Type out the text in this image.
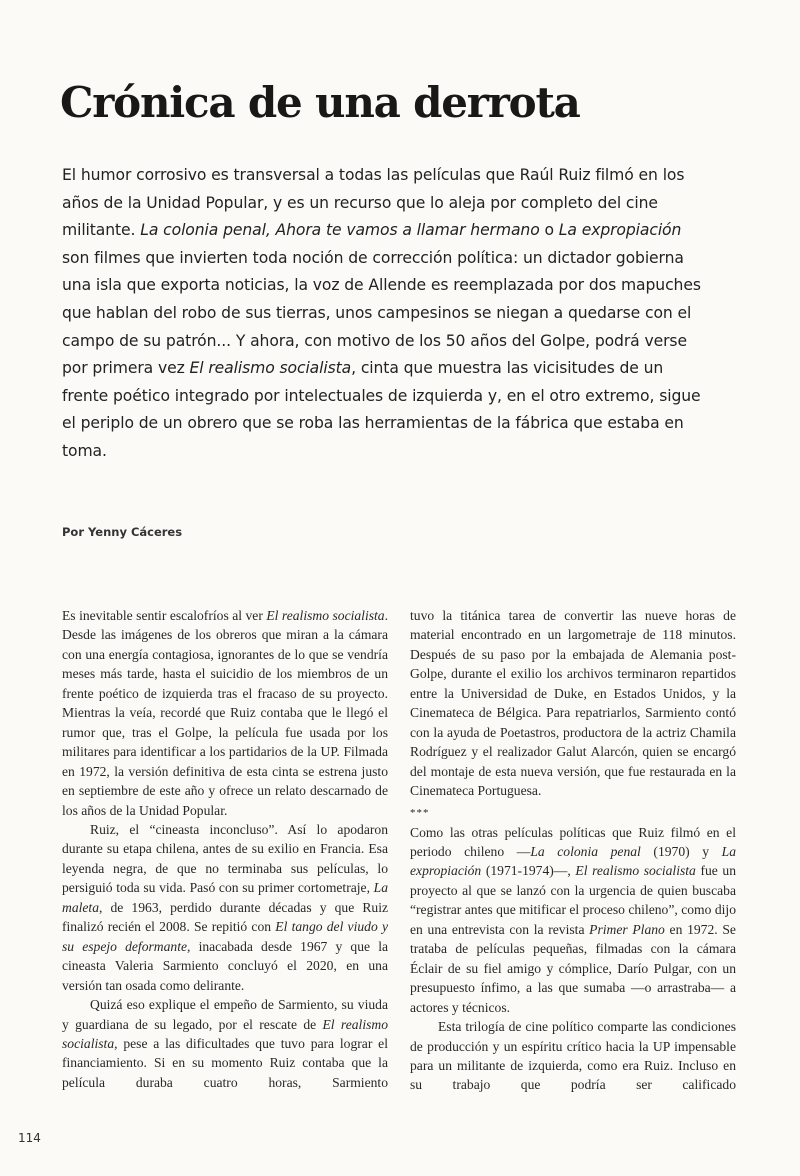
Crónica de una derrota

El humor corrosivo es transversal a todas las películas que Raúl Ruiz filmó en los años de la Unidad Popular, y es un recurso que lo aleja por completo del cine militante. La colonia penal, Ahora te vamos a llamar hermano o La expropiación son filmes que invierten toda noción de corrección política: un dictador gobierna una isla que exporta noticias, la voz de Allende es reemplazada por dos mapuches que hablan del robo de sus tierras, unos campesinos se niegan a quedarse con el campo de su patrón... Y ahora, con motivo de los 50 años del Golpe, podrá verse por primera vez El realismo socialista, cinta que muestra las vicisitudes de un frente poético integrado por intelectuales de izquierda y, en el otro extremo, sigue el periplo de un obrero que se roba las herramientas de la fábrica que estaba en toma.

Por Yenny Cáceres

Es inevitable sentir escalofríos al ver El realismo socialista. Desde las imágenes de los obreros que miran a la cámara con una energía contagiosa, ignorantes de lo que se vendría meses más tarde, hasta el suicidio de los miembros de un frente poético de izquierda tras el fracaso de su proyecto. Mientras la veía, recordé que Ruiz contaba que le llegó el rumor que, tras el Golpe, la película fue usada por los militares para identificar a los partidarios de la UP. Filmada en 1972, la versión definitiva de esta cinta se estrena justo en septiembre de este año y ofrece un relato descarnado de los años de la Unidad Popular.

Ruiz, el “cineasta inconcluso”. Así lo apodaron durante su etapa chilena, antes de su exilio en Francia. Esa leyenda negra, de que no terminaba sus películas, lo persiguió toda su vida. Pasó con su primer cortometraje, La maleta, de 1963, perdido durante décadas y que Ruiz finalizó recién el 2008. Se repitió con El tango del viudo y su espejo deformante, inacabada desde 1967 y que la cineasta Valeria Sarmiento concluyó el 2020, en una versión tan osada como delirante.

Quizá eso explique el empeño de Sarmiento, su viuda y guardiana de su legado, por el rescate de El realismo socialista, pese a las dificultades que tuvo para lograr el financiamiento. Si en su momento Ruiz contaba que la película duraba cuatro horas, Sarmiento

tuvo la titánica tarea de convertir las nueve horas de material encontrado en un largometraje de 118 minutos. Después de su paso por la embajada de Alemania post-Golpe, durante el exilio los archivos terminaron repartidos entre la Universidad de Duke, en Estados Unidos, y la Cinemateca de Bélgica. Para repatriarlos, Sarmiento contó con la ayuda de Poetastros, productora de la actriz Chamila Rodríguez y el realizador Galut Alarcón, quien se encargó del montaje de esta nueva versión, que fue restaurada en la Cinemateca Portuguesa.

***

Como las otras películas políticas que Ruiz filmó en el periodo chileno —La colonia penal (1970) y La expropiación (1971-1974)—, El realismo socialista fue un proyecto al que se lanzó con la urgencia de quien buscaba “registrar antes que mitificar el proceso chileno”, como dijo en una entrevista con la revista Primer Plano en 1972. Se trataba de películas pequeñas, filmadas con la cámara Éclair de su fiel amigo y cómplice, Darío Pulgar, con un presupuesto ínfimo, a las que sumaba —o arrastraba— a actores y técnicos.

Esta trilogía de cine político comparte las condiciones de producción y un espíritu crítico hacia la UP impensable para un militante de izquierda, como era Ruiz. Incluso en su trabajo que podría ser calificado

114
